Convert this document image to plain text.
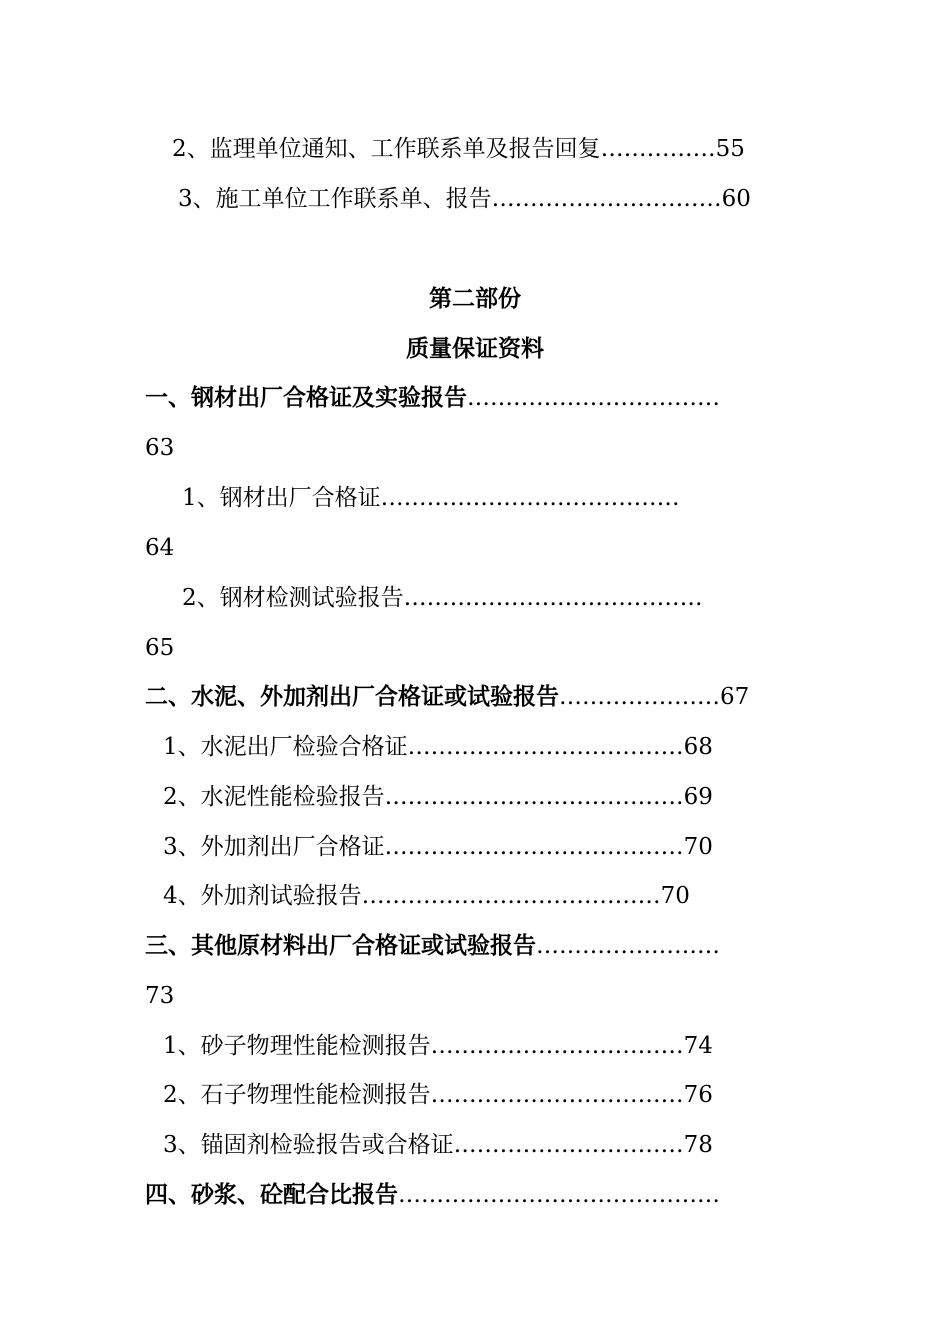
2、监理单位通知、工作联系单及报告回复……………55
3、施工单位工作联系单、报告…………………………60
第二部份
质量保证资料
一、钢材出厂合格证及实验报告……………………………
63
1、钢材出厂合格证…………………………………
64
2、钢材检测试验报告…………………………………
65
二、水泥、外加剂出厂合格证或试验报告…………………67
1、水泥出厂检验合格证………………………………68
2、水泥性能检验报告…………………………………69
3、外加剂出厂合格证…………………………………70
4、外加剂试验报告…………………………………70
三、其他原材料出厂合格证或试验报告……………………
73
1、砂子物理性能检测报告……………………………74
2、石子物理性能检测报告……………………………76
3、锚固剂检验报告或合格证…………………………78
四、砂浆、砼配合比报告……………………………………
